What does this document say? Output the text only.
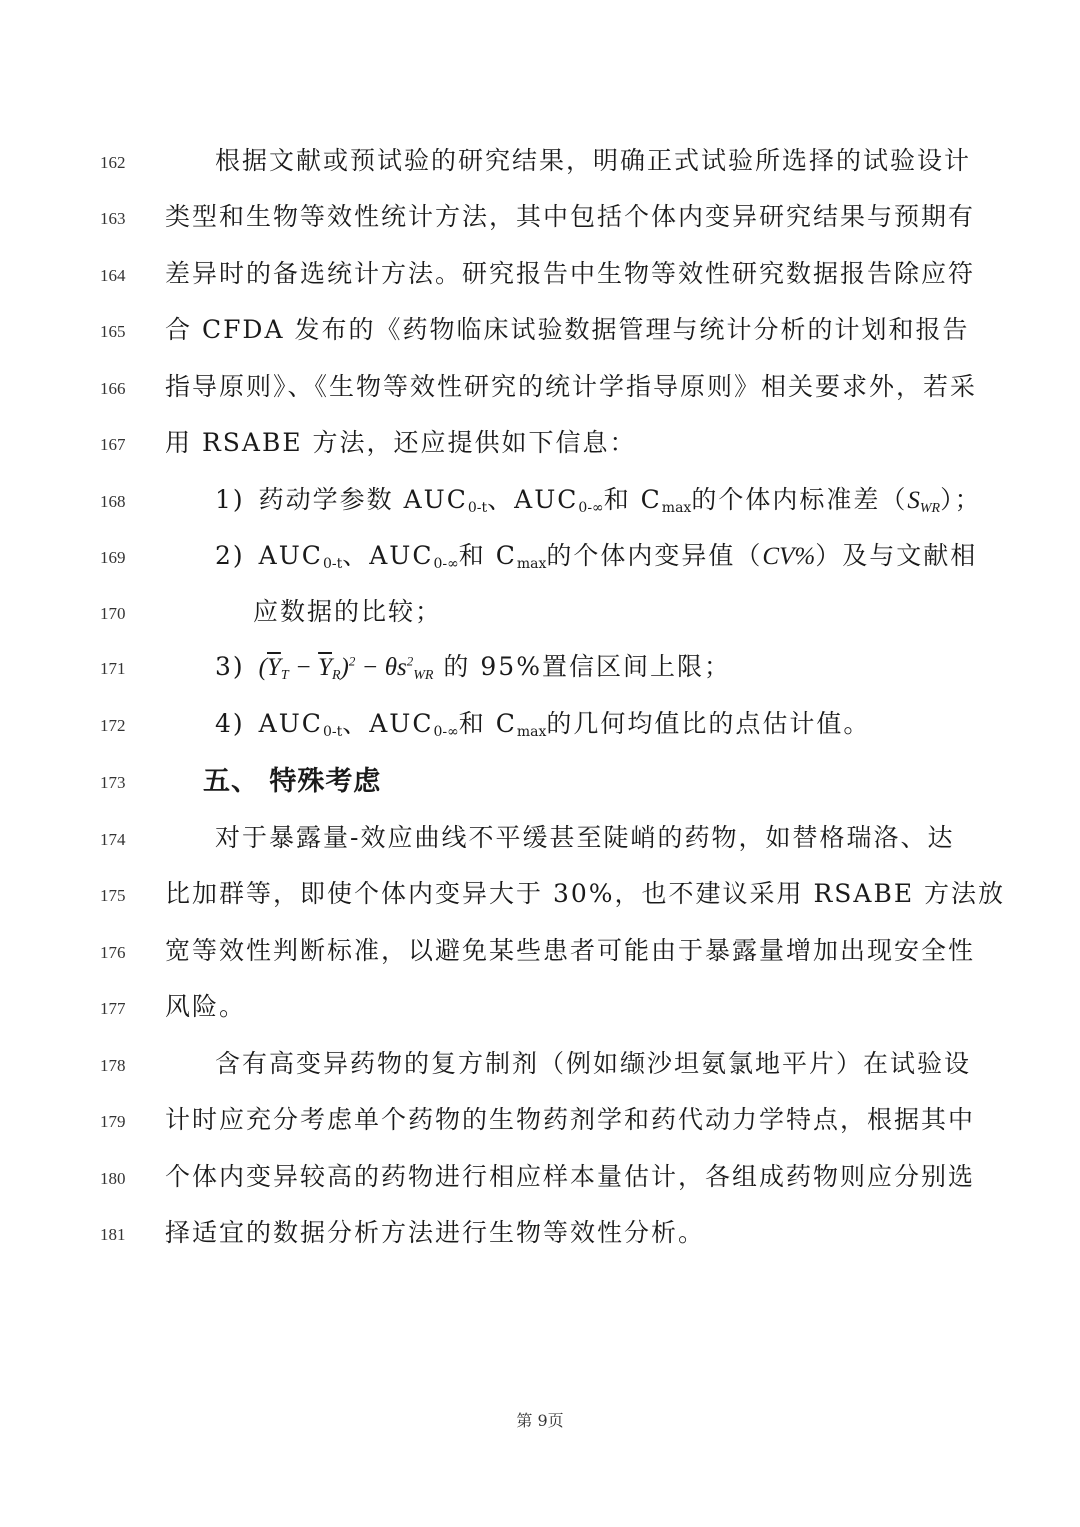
162	根据文献或预试验的研究结果，明确正式试验所选择的试验设计
163	类型和生物等效性统计方法，其中包括个体内变异研究结果与预期有
164	差异时的备选统计方法。研究报告中生物等效性研究数据报告除应符
165	合 CFDA 发布的《药物临床试验数据管理与统计分析的计划和报告
166	指导原则》、《生物等效性研究的统计学指导原则》相关要求外，若采
167	用 RSABE 方法，还应提供如下信息：
168	1) 药动学参数 $AUC_{0-t}$、$AUC_{0-\infty}$和 $C_{max}$的个体内标准差$(S_{WR})$；
169	2) $AUC_{0-t}$、$AUC_{0-\infty}$和 $C_{max}$的个体内变异值（CV%）及与文献相
170	应数据的比较；
171	3) $(\overline{Y}_T - \overline{Y}_R)^2 - \theta s^2_{WR}$ 的 95%置信区间上限；
172	4) $AUC_{0-t}$、$AUC_{0-\infty}$和 $C_{max}$的几何均值比的点估计值。
173	五、 特殊考虑
174	对于暴露量-效应曲线不平缓甚至陡峭的药物，如替格瑞洛、达
175	比加群等，即使个体内变异大于 30%，也不建议采用 RSABE 方法放
176	宽等效性判断标准，以避免某些患者可能由于暴露量增加出现安全性
177	风险。
178	含有高变异药物的复方制剂（例如缬沙坦氨氯地平片）在试验设
179	计时应充分考虑单个药物的生物药剂学和药代动力学特点，根据其中
180	个体内变异较高的药物进行相应样本量估计，各组成药物则应分别选
181	择适宜的数据分析方法进行生物等效性分析。
第 9页
